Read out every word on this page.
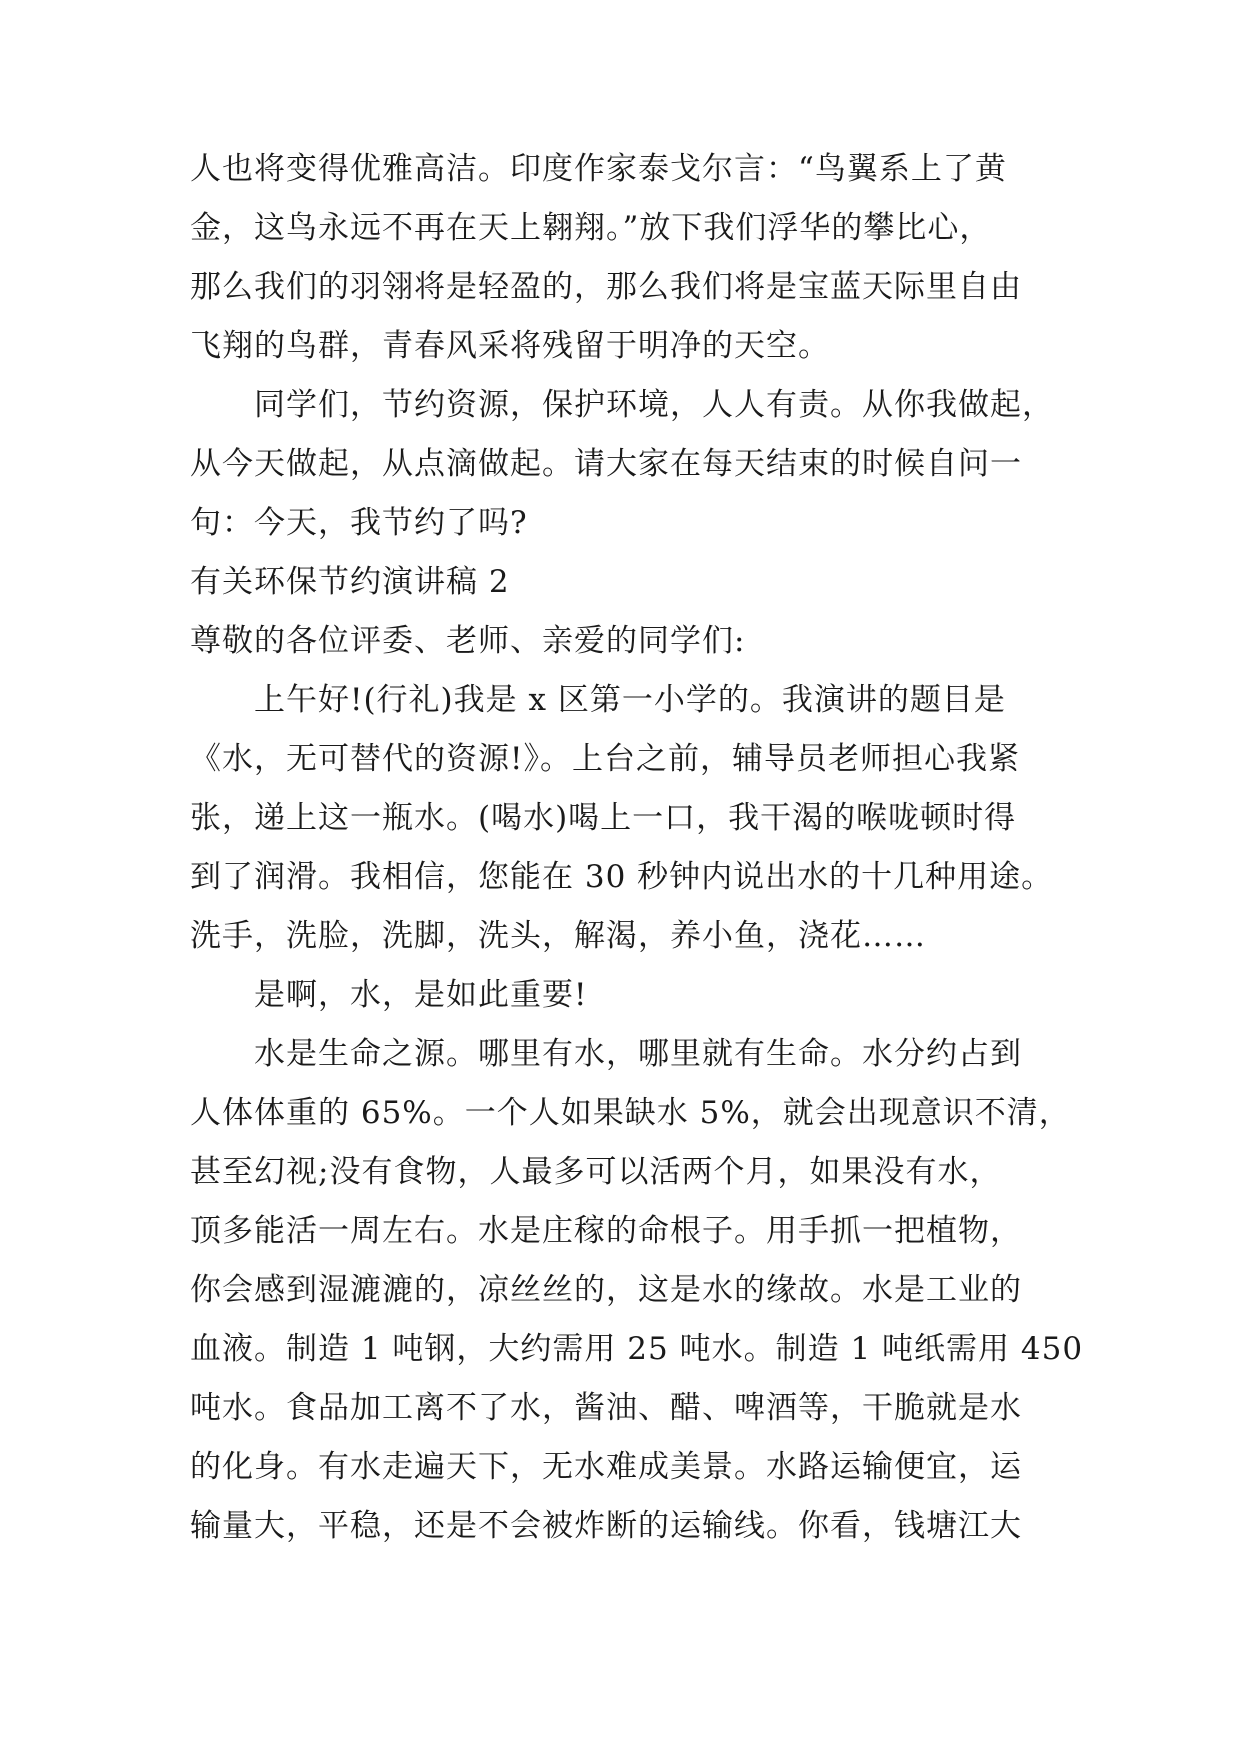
人也将变得优雅高洁。印度作家泰戈尔言：“鸟翼系上了黄
金，这鸟永远不再在天上翱翔。”放下我们浮华的攀比心，
那么我们的羽翎将是轻盈的，那么我们将是宝蓝天际里自由
飞翔的鸟群，青春风采将残留于明净的天空。
同学们，节约资源，保护环境，人人有责。从你我做起，
从今天做起，从点滴做起。请大家在每天结束的时候自问一
句：今天，我节约了吗?
有关环保节约演讲稿 2
尊敬的各位评委、老师、亲爱的同学们:
上午好!(行礼)我是 x 区第一小学的。我演讲的题目是
《水，无可替代的资源!》。上台之前，辅导员老师担心我紧
张，递上这一瓶水。(喝水)喝上一口，我干渴的喉咙顿时得
到了润滑。我相信，您能在 30 秒钟内说出水的十几种用途。
洗手，洗脸，洗脚，洗头，解渴，养小鱼，浇花……
是啊，水，是如此重要!
水是生命之源。哪里有水，哪里就有生命。水分约占到
人体体重的 65%。一个人如果缺水 5%，就会出现意识不清，
甚至幻视;没有食物，人最多可以活两个月，如果没有水，
顶多能活一周左右。水是庄稼的命根子。用手抓一把植物，
你会感到湿漉漉的，凉丝丝的，这是水的缘故。水是工业的
血液。制造 1 吨钢，大约需用 25 吨水。制造 1 吨纸需用 450
吨水。食品加工离不了水，酱油、醋、啤酒等，干脆就是水
的化身。有水走遍天下，无水难成美景。水路运输便宜，运
输量大，平稳，还是不会被炸断的运输线。你看，钱塘江大
